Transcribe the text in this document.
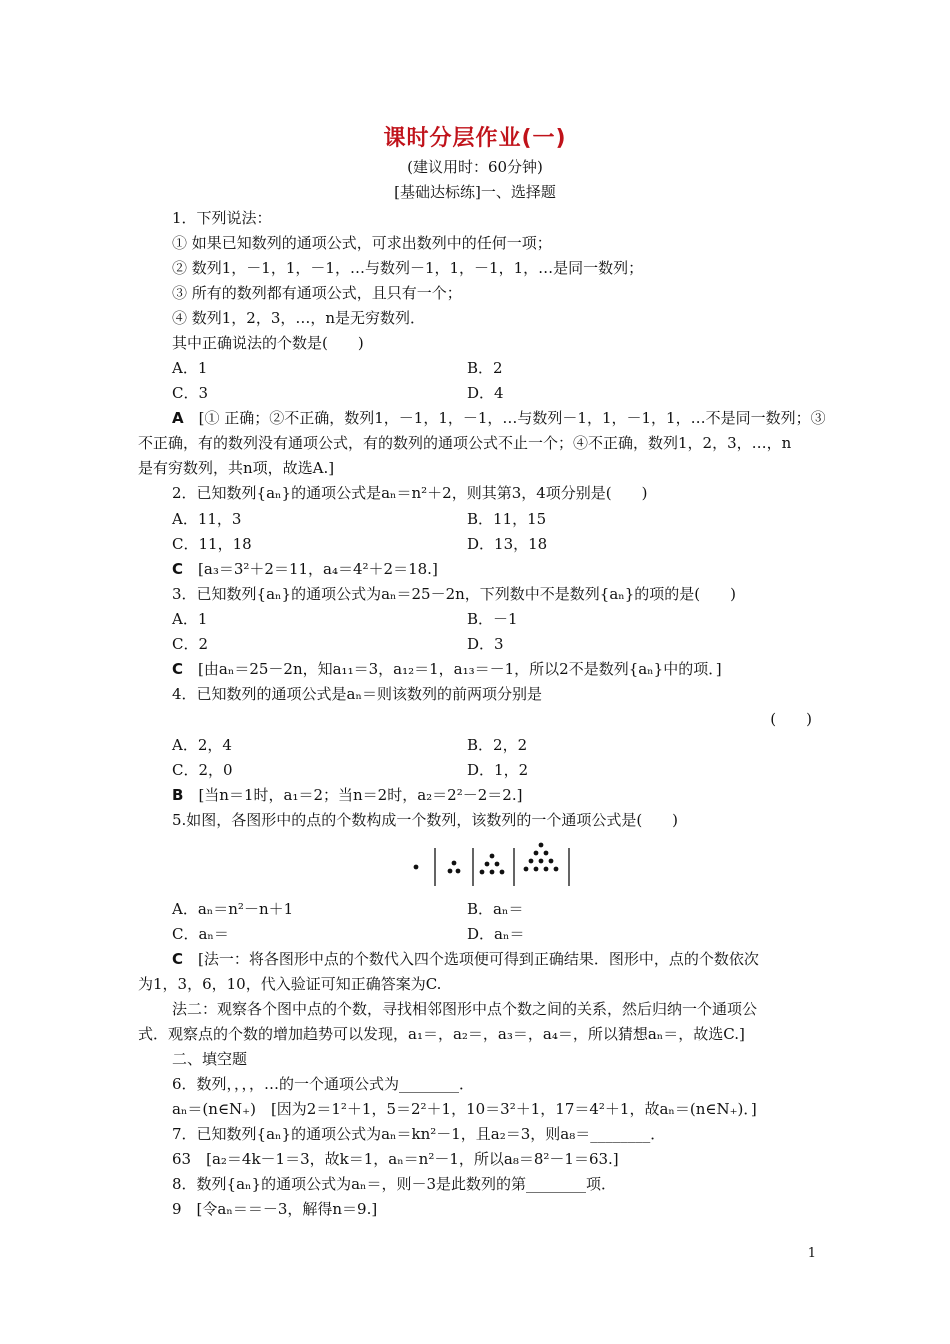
课时分层作业(一)
(建议用时：60分钟)
[基础达标练]一、选择题
1．下列说法：
① 如果已知数列的通项公式，可求出数列中的任何一项；
② 数列1，－1，1，－1，…与数列－1，1，－1，1，…是同一数列；
③ 所有的数列都有通项公式，且只有一个；
④ 数列1，2，3，…，n是无穷数列．
其中正确说法的个数是(　　)
A．1	B．2
C．3	D．4
A　 [① 正确；②不正确，数列1，－1，1，－1，…与数列－1，1，－1，1，…不是同一数列；③
不正确，有的数列没有通项公式，有的数列的通项公式不止一个；④不正确，数列1，2，3，…，n
是有穷数列，共n项，故选A.]
2．已知数列{aₙ}的通项公式是aₙ＝n²＋2，则其第3，4项分别是(　　)
A．11，3	B．11，15
C．11，18	D．13，18
C　 [a₃＝3²＋2＝11，a₄＝4²＋2＝18.]
3．已知数列{aₙ}的通项公式为aₙ＝25－2n，下列数中不是数列{aₙ}的项的是(　　)
A．1	B．－1
C．2	D．3
C　 [由aₙ＝25－2n，知a₁₁＝3，a₁₂＝1，a₁₃＝－1，所以2不是数列{aₙ}中的项．]
4．已知数列的通项公式是aₙ＝则该数列的前两项分别是
(　　)
A．2，4	B．2，2
C．2，0	D．1，2
B　 [当n＝1时，a₁＝2；当n＝2时，a₂＝2²－2＝2.]
5.如图，各图形中的点的个数构成一个数列，该数列的一个通项公式是(　　)
A．aₙ＝n²－n＋1	B．aₙ＝
C．aₙ＝	D．aₙ＝
C　 [法一：将各图形中点的个数代入四个选项便可得到正确结果．图形中，点的个数依次
为1，3，6，10，代入验证可知正确答案为C.
法二：观察各个图中点的个数，寻找相邻图形中点个数之间的关系，然后归纳一个通项公
式．观察点的个数的增加趋势可以发现，a₁＝，a₂＝，a₃＝，a₄＝，所以猜想aₙ＝，故选C.]
二、填空题
6．数列，，，，…的一个通项公式为________．
aₙ＝(n∈N₊)　[因为2＝1²＋1，5＝2²＋1，10＝3²＋1，17＝4²＋1，故aₙ＝(n∈N₊)．]
7．已知数列{aₙ}的通项公式为aₙ＝kn²－1，且a₂＝3，则a₈＝________．
63　[a₂＝4k－1＝3，故k＝1，aₙ＝n²－1，所以a₈＝8²－1＝63.]
8．数列{aₙ}的通项公式为aₙ＝，则－3是此数列的第________项．
9　[令aₙ＝＝－3，解得n＝9.]
1
